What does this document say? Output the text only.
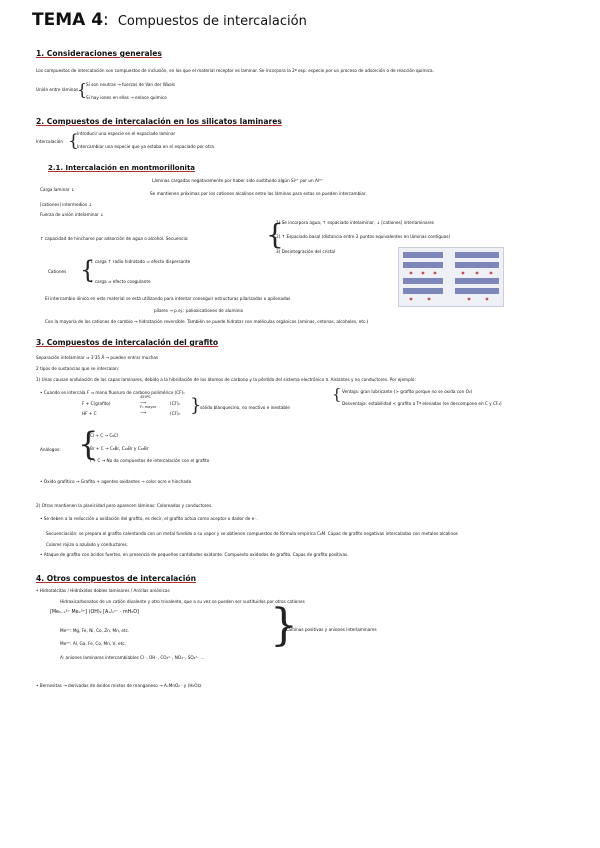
TEMA 4: Compuestos de intercalación
1. Consideraciones generales
Los compuestos de intercalación son compuestos de inclusión, en los que el material receptor es laminar. Se incorpora la 2ª esp. especie por un proceso de adsorción o de reacción química.
Unión entre láminas
{
Si son neutras → fuerzas de Van der Waals
Si hay iones en ellas → enlace químico
2. Compuestos de intercalación en los silicatos laminares
Intercalación {
Introducir una especie en el espaciado laminar
Intercambiar una especie que ya estaba en el espaciado por otra.
2.1. Intercalación en montmorillonita
Láminas cargadas negativamente por haber sido sustituido algún Si⁴⁺ por un Al³⁺
Carga laminar ↓
Se mantienen próximas por los cationes alcalinos entre las láminas para estas se pueden intercambiar.
[cationes] intermedios ↓
Fuerza de unión intelaminar ↓
↑ capacidad de hincharse por adsorción de agua o alcohol. Secuencia:	{
1) Se incorpora agua, ↑ espaciado intelaminar, ↓ [cationes] interlaminares
2) ↑ Espaciado basal (distancia entre 2 puntos equivalentes en láminas contiguas)
3) Desintegración del cristal
Cationes {
↓ carga ↑ radio hidratado ⇒ efecto dispersante
↑ carga ⇒ efecto coagulante
El intercambio iónico en este material se está utilizando para intentar conseguir estructuras pilarizadas o apilonadas
pilares → p.ej.: polioxicationes de aluminio
Con la mayoría de los cationes de cambio → hidratación reversible. También se puede hidratar con moléculas orgánicas (aminas, cetonas, alcoholes, etc.)
3. Compuestos de intercalación del grafito
Separación intelaminar ⇒ 3'35 Å → pueden entrar muchas
2 tipos de sustancias que se intercalan:
1) Unas causan ondulación de las capas laminares, debido a la hibridación de los átomos de carbono y la pérdida del sistema electrónico π. Aislantes y no conductores. Por ejemplo:
• Cuando se intercala F ⇒ mono fluoruro de carbono polimérico (CF)ₙ
F + C(grafito)
450ºC
⟶	(CF)ₙ
HF + C
F₂ mayor
⟶	(CF)ₙ }
sólido blanquecino, no reactivo e inestable
{ Ventaja: gran lubricante (> grafito porque no se oxida con O₂)
Desventaja: estabilidad < grafito a Tª elevadas (se descompone en C y CF₄)
Análogos: {
Cl + C → C₈Cl
Br + C → C₈Br, C₁₆Br y C₂₈Br
I + C → No da compuestos de intercalación con el grafito
• Óxido grafítico → Grafito + agentes oxidantes → color ocre e hinchado
2) Otras mantienen la planicidad pero aparecen láminas: Coloreados y conductores.
• Se deben a la reducción u oxidación del grafito, es decir, el grafito actúa como aceptor o dador de e⁻.
Secuenciación: se prepara el grafito calentando con un metal fundido o su vapor y se obtienen compuestos de fórmula empírica C₈M. Capas de grafito negativas intercaladas con metales alcalinos
Colores rojizo o azulado y conductores.
• Ataque de grafito con ácidos fuertes, en presencia de pequeñas cantidades oxidante. Compuesto oxidados de grafito. Capas de grafito positivas.
4. Otros compuestos de intercalación
• Hidrotalcitas / Hidróxidos dobles laminares / Arcillas aniónicas
Hidroxicarbonatos de un catión divalente y otro trivalente, que a su vez se pueden ser sustituidos por otros cationes
[Me₁₋ₓ²⁺ Meₓ³⁺] (OH)₂ [Aₓ/ₙⁿ⁻ · mH₂O]
Me²⁺: Mg, Fe, Ni, Co, Zn, Mn, etc.
Me³⁺: Al, Ga, Fe, Co, Mn, V, etc.
A: aniones laminares intercambiables Cl⁻, OH⁻, CO₃²⁻, NO₃⁻, SO₄²⁻ ...
}
Láminas positivas y aniones interlaminares
• Bernesitas → derivadas de óxidos mixtos de manganeso → AₓMnO₂ · y (H₂O)z
